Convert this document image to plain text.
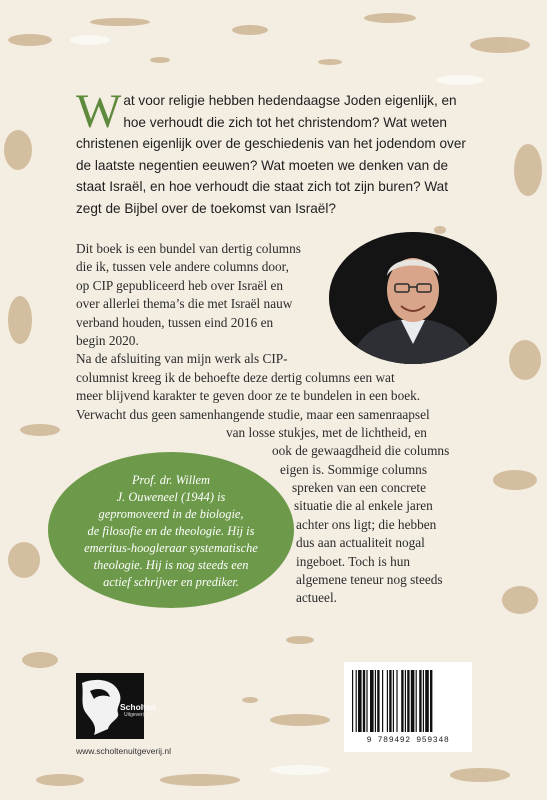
Wat voor religie hebben hedendaagse Joden eigenlijk, en hoe verhoudt die zich tot het christendom? Wat weten christenen eigenlijk over de geschiedenis van het jodendom over de laatste negentien eeuwen? Wat moeten we denken van de staat Israël, en hoe verhoudt die staat zich tot zijn buren? Wat zegt de Bijbel over de toekomst van Israël?
Dit boek is een bundel van dertig columns
die ik, tussen vele andere columns door,
op CIP gepubliceerd heb over Israël en
over allerlei thema’s die met Israël nauw
verband houden, tussen eind 2016 en
begin 2020.
Na de afsluiting van mijn werk als CIP-
columnist kreeg ik de behoefte deze dertig columns een wat
meer blijvend karakter te geven door ze te bundelen in een boek.
Verwacht dus geen samenhangende studie, maar een samenraapsel
van losse stukjes, met de lichtheid, en
ook de gewaagdheid die columns
eigen is. Sommige columns
spreken van een concrete
situatie die al enkele jaren
achter ons ligt; die hebben
dus aan actualiteit nogal
ingeboet. Toch is hun
algemene teneur nog steeds
actueel.
Prof. dr. Willem
J. Ouweneel (1944) is
gepromoveerd in de biologie,
de filosofie en de theologie. Hij is
emeritus-hoogleraar systematische
theologie. Hij is nog steeds een
actief schrijver en prediker.
Scholten
Uitgeverij
www.scholtenuitgeverij.nl
9 789492 959348
